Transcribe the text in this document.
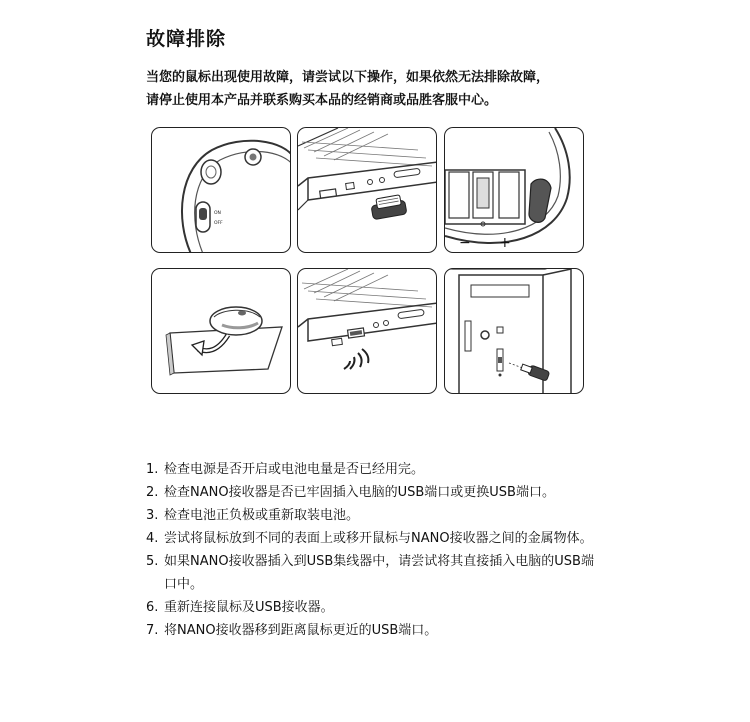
故障排除
当您的鼠标出现使用故障，请尝试以下操作，如果依然无法排除故障，
请停止使用本产品并联系购买本品的经销商或品胜客服中心。
ON
OFF
− +
1. 检查电源是否开启或电池电量是否已经用完。
2. 检查NANO接收器是否已牢固插入电脑的USB端口或更换USB端口。
3. 检查电池正负极或重新取装电池。
4. 尝试将鼠标放到不同的表面上或移开鼠标与NANO接收器之间的金属物体。
5. 如果NANO接收器插入到USB集线器中，请尝试将其直接插入电脑的USB端口中。
6. 重新连接鼠标及USB接收器。
7. 将NANO接收器移到距离鼠标更近的USB端口。
